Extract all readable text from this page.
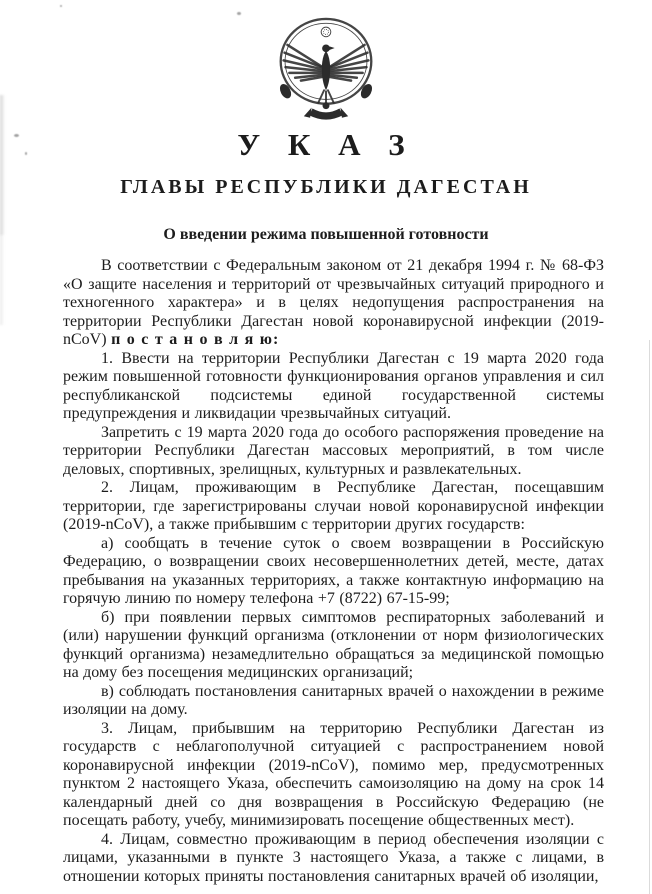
У К А З
ГЛАВЫ РЕСПУБЛИКИ ДАГЕСТАН
О введении режима повышенной готовности

В соответствии с Федеральным законом от 21 декабря 1994 г. № 68-ФЗ «О защите населения и территорий от чрезвычайных ситуаций природного и техногенного характера» и в целях недопущения распространения на территории Республики Дагестан новой коронавирусной инфекции (2019-nCoV) п о с т а н о в л я ю:

1. Ввести на территории Республики Дагестан с 19 марта 2020 года режим повышенной готовности функционирования органов управления и сил республиканской подсистемы единой государственной системы предупреждения и ликвидации чрезвычайных ситуаций.

Запретить с 19 марта 2020 года до особого распоряжения проведение на территории Республики Дагестан массовых мероприятий, в том числе деловых, спортивных, зрелищных, культурных и развлекательных.

2. Лицам, проживающим в Республике Дагестан, посещавшим территории, где зарегистрированы случаи новой коронавирусной инфекции (2019-nCoV), а также прибывшим с территории других государств:

а) сообщать в течение суток о своем возвращении в Российскую Федерацию, о возвращении своих несовершеннолетних детей, месте, датах пребывания на указанных территориях, а также контактную информацию на горячую линию по номеру телефона +7 (8722) 67-15-99;

б) при появлении первых симптомов респираторных заболеваний и (или) нарушении функций организма (отклонении от норм физиологических функций организма) незамедлительно обращаться за медицинской помощью на дому без посещения медицинских организаций;

в) соблюдать постановления санитарных врачей о нахождении в режиме изоляции на дому.

3. Лицам, прибывшим на территорию Республики Дагестан из государств с неблагополучной ситуацией с распространением новой коронавирусной инфекции (2019-nCoV), помимо мер, предусмотренных пунктом 2 настоящего Указа, обеспечить самоизоляцию на дому на срок 14 календарный дней со дня возвращения в Российскую Федерацию (не посещать работу, учебу, минимизировать посещение общественных мест).

4. Лицам, совместно проживающим в период обеспечения изоляции с лицами, указанными в пункте 3 настоящего Указа, а также с лицами, в отношении которых приняты постановления санитарных врачей об изоляции,
